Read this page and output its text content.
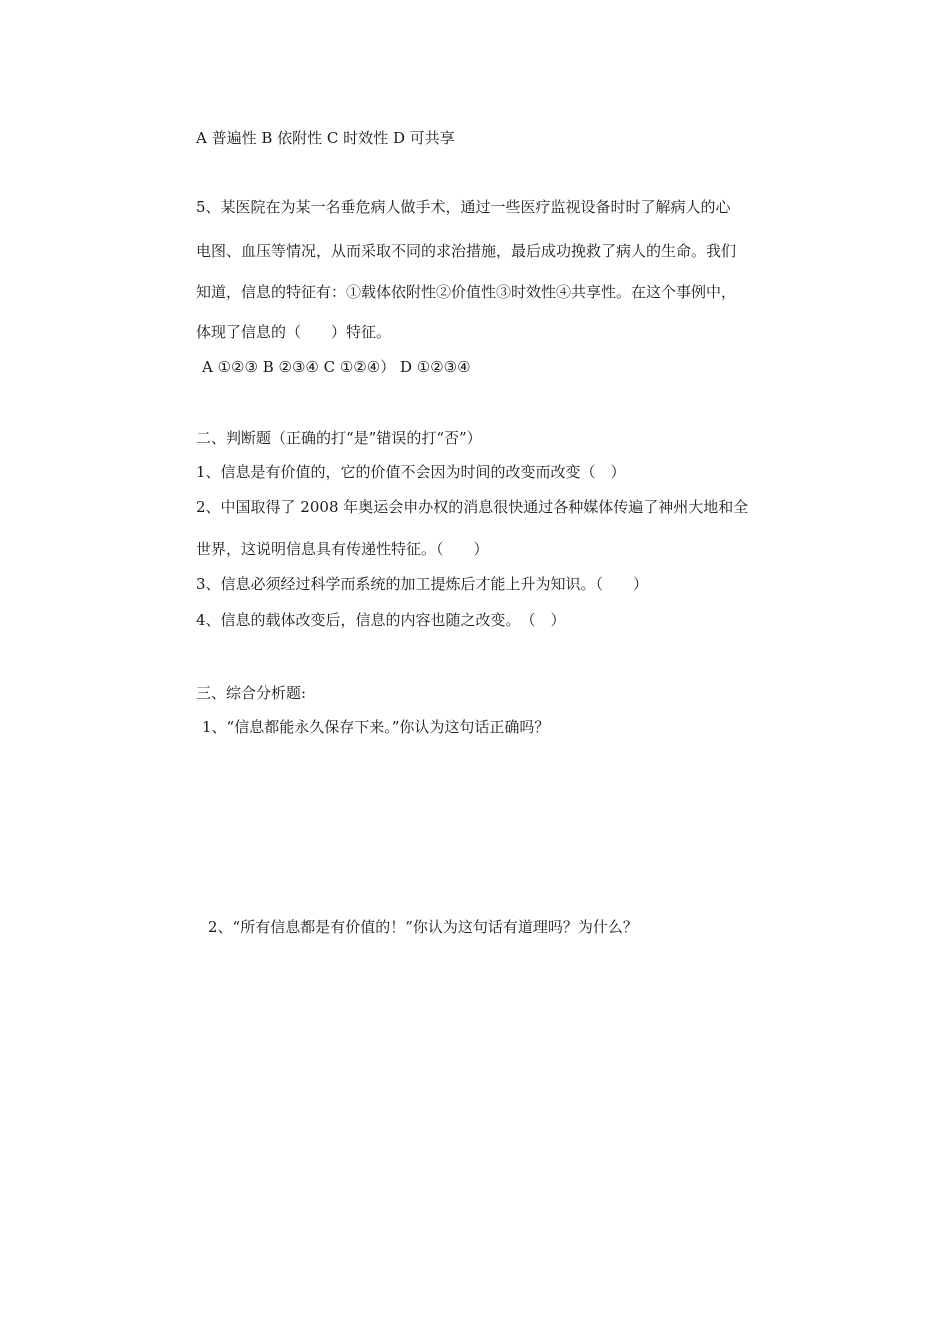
A 普遍性 B 依附性 C 时效性 D 可共享
5、某医院在为某一名垂危病人做手术，通过一些医疗监视设备时时了解病人的心
电图、血压等情况，从而采取不同的求治措施，最后成功挽救了病人的生命。我们
知道，信息的特征有：①载体依附性②价值性③时效性④共享性。在这个事例中，
体现了信息的（　　）特征。
A ①②③ B ②③④ C ①②④） D ①②③④
二、判断题（正确的打“是”错误的打“否”）
1、信息是有价值的，它的价值不会因为时间的改变而改变（　）
2、中国取得了 2008 年奥运会申办权的消息很快通过各种媒体传遍了神州大地和全
世界，这说明信息具有传递性特征。（　　）
3、信息必须经过科学而系统的加工提炼后才能上升为知识。（　　）
4、信息的载体改变后，信息的内容也随之改变。　（　）
三、综合分析题:
1、“信息都能永久保存下来。”你认为这句话正确吗？
2、“所有信息都是有价值的！”你认为这句话有道理吗？为什么？
